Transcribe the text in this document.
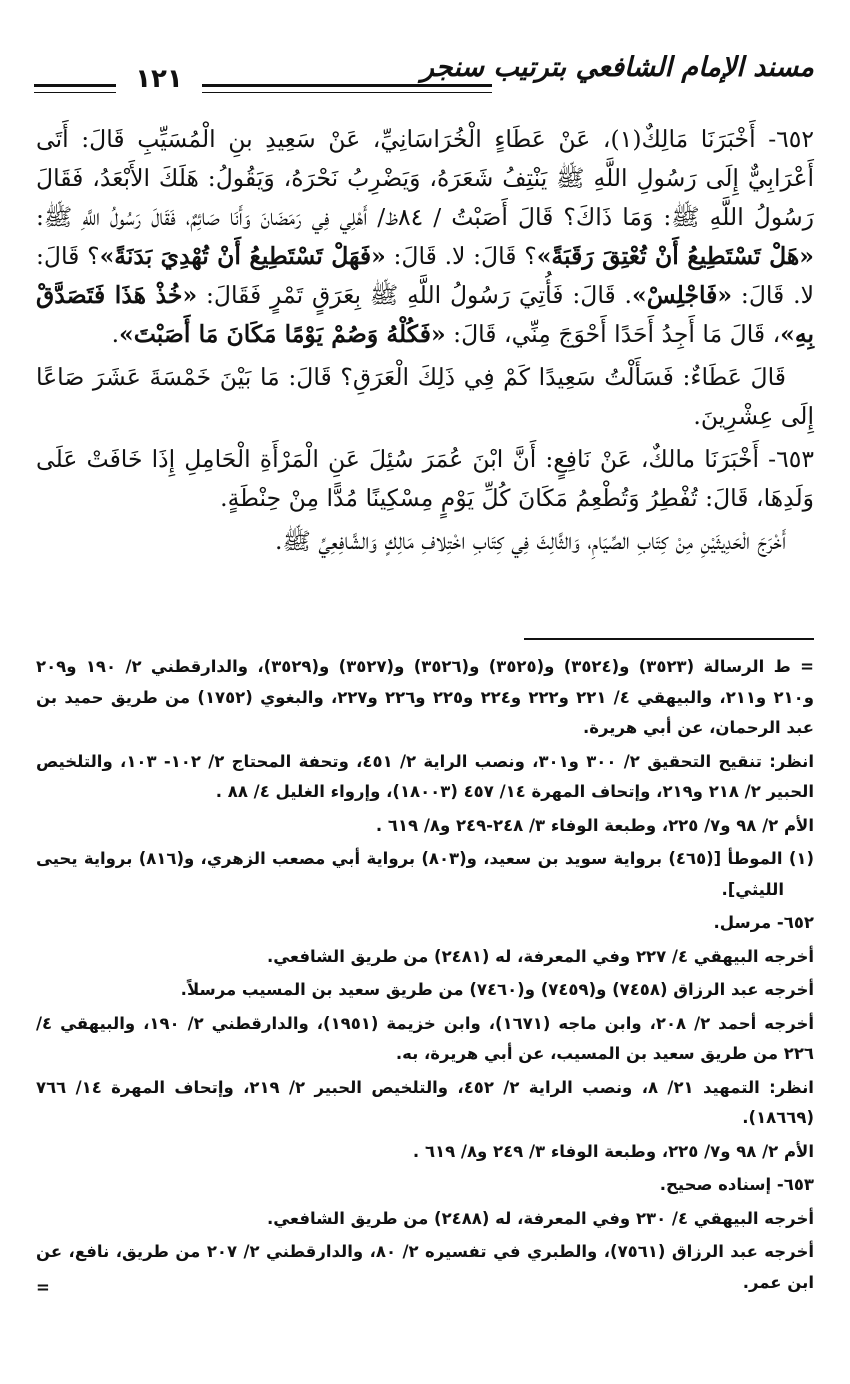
مسند الإمام الشافعي بترتيب سنجر
١٢١

٦٥٢- أَخْبَرَنَا مَالِكٌ(١)، عَنْ عَطَاءٍ الْخُرَاسَانِيِّ، عَنْ سَعِيدِ بنِ الْمُسَيِّبِ قَالَ: أَتَى أَعْرَابِيٌّ إِلَى رَسُولِ اللَّهِ ﷺ يَنْتِفُ شَعَرَهُ، وَيَضْرِبُ نَحْرَهُ، وَيَقُولُ: هَلَكَ الأَبْعَدُ، فَقَالَ رَسُولُ اللَّهِ ﷺ: وَمَا ذَاكَ؟ قَالَ أَصَبْتُ / ٨٤ظ/ أَهْلِي فِي رَمَضَانَ وَأَنَا صَائِمٌ، فَقَالَ رَسُولُ اللَّهِ ﷺ: «هَلْ تَسْتَطِيعُ أَنْ تُعْتِقَ رَقَبَةً»؟ قَالَ: لا. قَالَ: «فَهَلْ تَسْتَطِيعُ أَنْ تُهْدِيَ بَدَنَةً»؟ قَالَ: لا. قَالَ: «فَاجْلِسْ». قَالَ: فَأُتِيَ رَسُولُ اللَّهِ ﷺ بِعَرَقٍ تَمْرٍ فَقَالَ: «خُذْ هَذَا فَتَصَدَّقْ بِهِ»، قَالَ مَا أَجِدُ أَحَدًا أَحْوَجَ مِنِّي، قَالَ: «فَكُلْهُ وَصُمْ يَوْمًا مَكَانَ مَا أَصَبْتَ».

قَالَ عَطَاءٌ: فَسَأَلْتُ سَعِيدًا كَمْ فِي ذَلِكَ الْعَرَقِ؟ قَالَ: مَا بَيْنَ خَمْسَةَ عَشَرَ صَاعًا إِلَى عِشْرِينَ.

٦٥٣- أَخْبَرَنَا مالكٌ، عَنْ نَافِعٍ: أَنَّ ابْنَ عُمَرَ سُئِلَ عَنِ الْمَرْأَةِ الْحَامِلِ إِذَا خَافَتْ عَلَى وَلَدِهَا، قَالَ: تُفْطِرُ وَتُطْعِمُ مَكَانَ كُلِّ يَوْمٍ مِسْكِينًا مُدًّا مِنْ حِنْطَةٍ.

أَخْرَجَ الْحَدِيثَيْنِ مِنْ كِتَابِ الصِّيَامِ، وَالثَّالِثَ فِي كِتَابِ اخْتِلافِ مَالِكٍ وَالشَّافِعِيِّ ﷺ.

= ط الرسالة (٣٥٢٣) و(٣٥٢٤) و(٣٥٢٥) و(٣٥٢٦) و(٣٥٢٧) و(٣٥٢٩)، والدارقطني ٢/ ١٩٠ و٢٠٩ و٢١٠ و٢١١، والبيهقي ٤/ ٢٢١ و٢٢٢ و٢٢٤ و٢٢٥ و٢٢٦ و٢٢٧، والبغوي (١٧٥٢) من طريق حميد بن عبد الرحمان، عن أبي هريرة.

انظر: تنقيح التحقيق ٢/ ٣٠٠ و٣٠١، ونصب الراية ٢/ ٤٥١، وتحفة المحتاج ٢/ ١٠٢- ١٠٣، والتلخيص الحبير ٢/ ٢١٨ و٢١٩، وإتحاف المهرة ١٤/ ٤٥٧ (١٨٠٠٣)، وإرواء الغليل ٤/ ٨٨ .

الأم ٢/ ٩٨ و٧/ ٢٢٥، وطبعة الوفاء ٣/ ٢٤٨-٢٤٩ و٨/ ٦١٩ .

(١) الموطأ [(٤٦٥) برواية سويد بن سعيد، و(٨٠٣) برواية أبي مصعب الزهري، و(٨١٦) برواية يحيى الليثي].

٦٥٢- مرسل.

أخرجه البيهقي ٤/ ٢٢٧ وفي المعرفة، له (٢٤٨١) من طريق الشافعي.

أخرجه عبد الرزاق (٧٤٥٨) و(٧٤٥٩) و(٧٤٦٠) من طريق سعيد بن المسيب مرسلاً.

أخرجه أحمد ٢/ ٢٠٨، وابن ماجه (١٦٧١)، وابن خزيمة (١٩٥١)، والدارقطني ٢/ ١٩٠، والبيهقي ٤/ ٢٢٦ من طريق سعيد بن المسيب، عن أبي هريرة، به.

انظر: التمهيد ٢١/ ٨، ونصب الراية ٢/ ٤٥٢، والتلخيص الحبير ٢/ ٢١٩، وإتحاف المهرة ١٤/ ٧٦٦ (١٨٦٦٩).

الأم ٢/ ٩٨ و٧/ ٢٢٥، وطبعة الوفاء ٣/ ٢٤٩ و٨/ ٦١٩ .

٦٥٣- إسناده صحيح.

أخرجه البيهقي ٤/ ٢٣٠ وفي المعرفة، له (٢٤٨٨) من طريق الشافعي.

أخرجه عبد الرزاق (٧٥٦١)، والطبري في تفسيره ٢/ ٨٠، والدارقطني ٢/ ٢٠٧ من طريق، نافع، عن ابن عمر.

=
